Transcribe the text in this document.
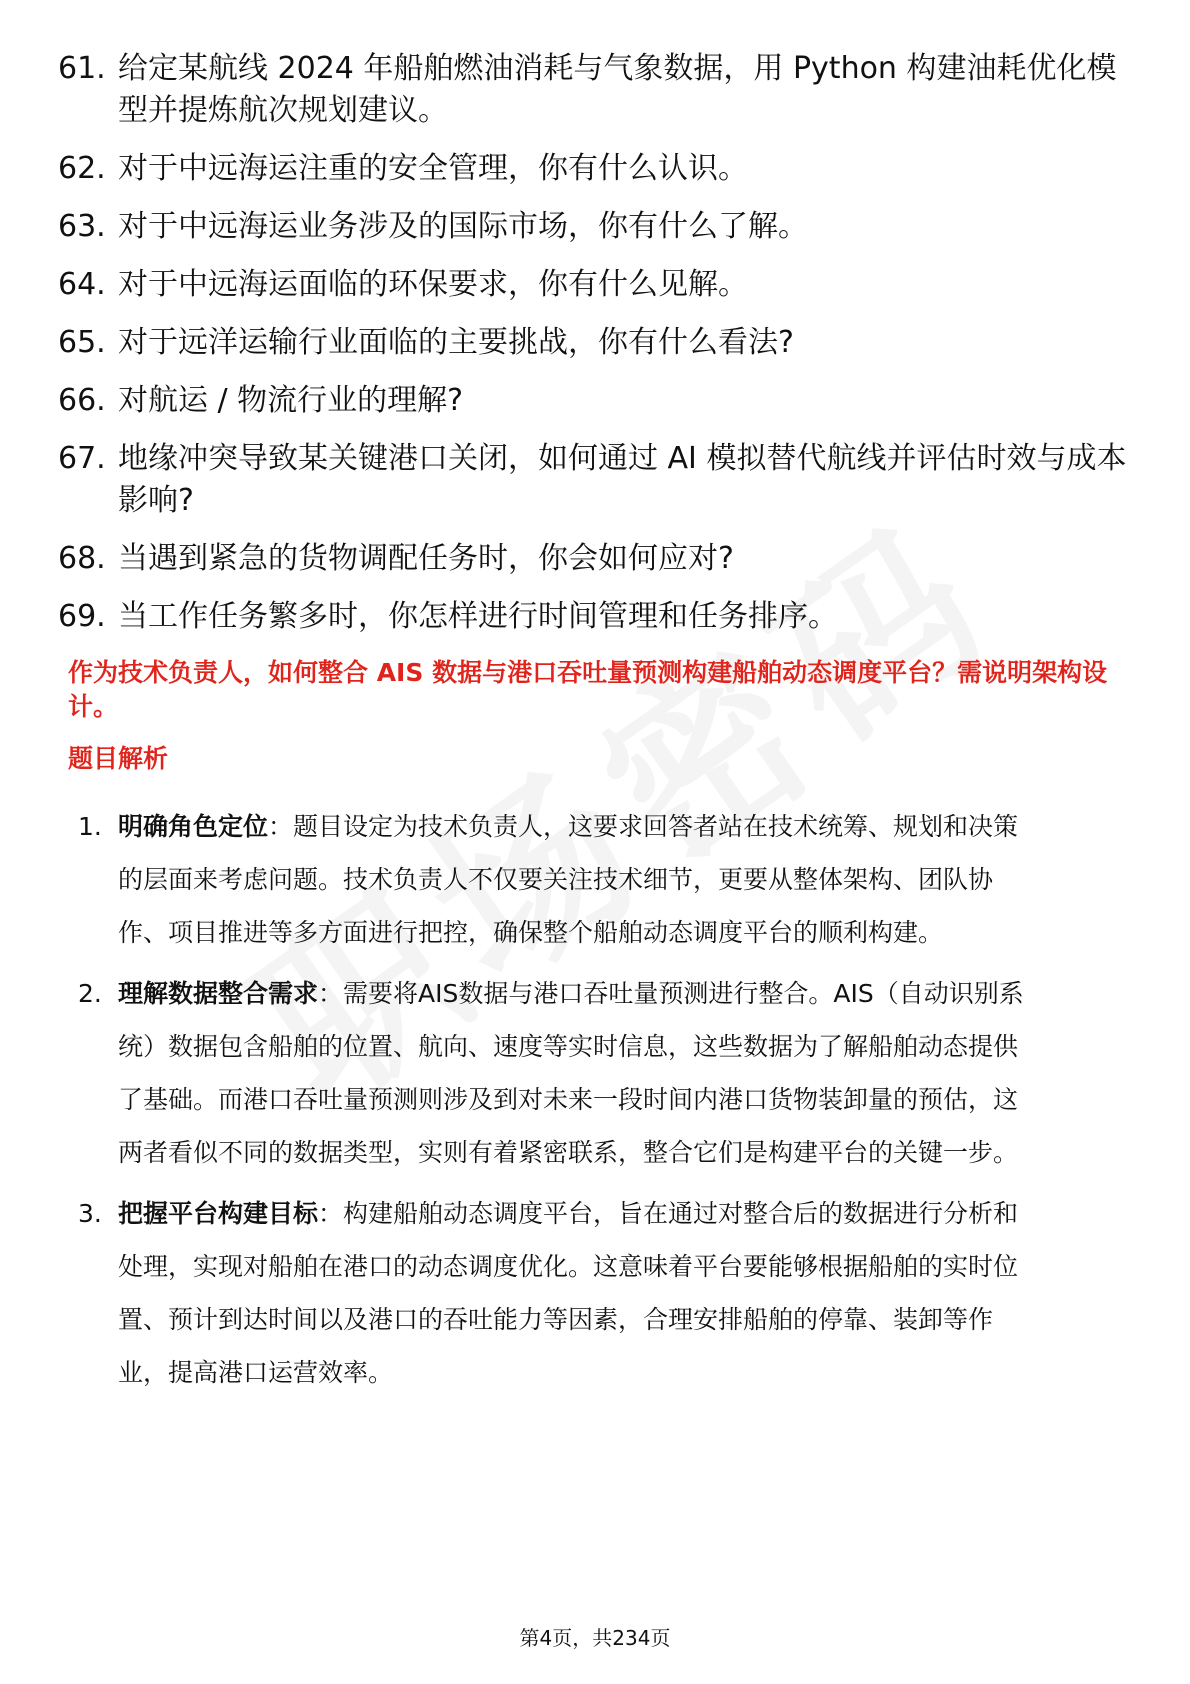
61. 给定某航线 2024 年船舶燃油消耗与气象数据，用 Python 构建油耗优化模型并提炼航次规划建议。
62. 对于中远海运注重的安全管理，你有什么认识。
63. 对于中远海运业务涉及的国际市场，你有什么了解。
64. 对于中远海运面临的环保要求，你有什么见解。
65. 对于远洋运输行业面临的主要挑战，你有什么看法?
66. 对航运 / 物流行业的理解?
67. 地缘冲突导致某关键港口关闭，如何通过 AI 模拟替代航线并评估时效与成本影响?
68. 当遇到紧急的货物调配任务时，你会如何应对?
69. 当工作任务繁多时，你怎样进行时间管理和任务排序。
作为技术负责人，如何整合 AIS 数据与港口吞吐量预测构建船舶动态调度平台？需说明架构设计。
题目解析
1. 明确角色定位：题目设定为技术负责人，这要求回答者站在技术统筹、规划和决策的层面来考虑问题。技术负责人不仅要关注技术细节，更要从整体架构、团队协作、项目推进等多方面进行把控，确保整个船舶动态调度平台的顺利构建。
2. 理解数据整合需求：需要将AIS数据与港口吞吐量预测进行整合。AIS（自动识别系统）数据包含船舶的位置、航向、速度等实时信息，这些数据为了解船舶动态提供了基础。而港口吞吐量预测则涉及到对未来一段时间内港口货物装卸量的预估，这两者看似不同的数据类型，实则有着紧密联系，整合它们是构建平台的关键一步。
3. 把握平台构建目标：构建船舶动态调度平台，旨在通过对整合后的数据进行分析和处理，实现对船舶在港口的动态调度优化。这意味着平台要能够根据船舶的实时位置、预计到达时间以及港口的吞吐能力等因素，合理安排船舶的停靠、装卸等作业，提高港口运营效率。
第4页，共234页
